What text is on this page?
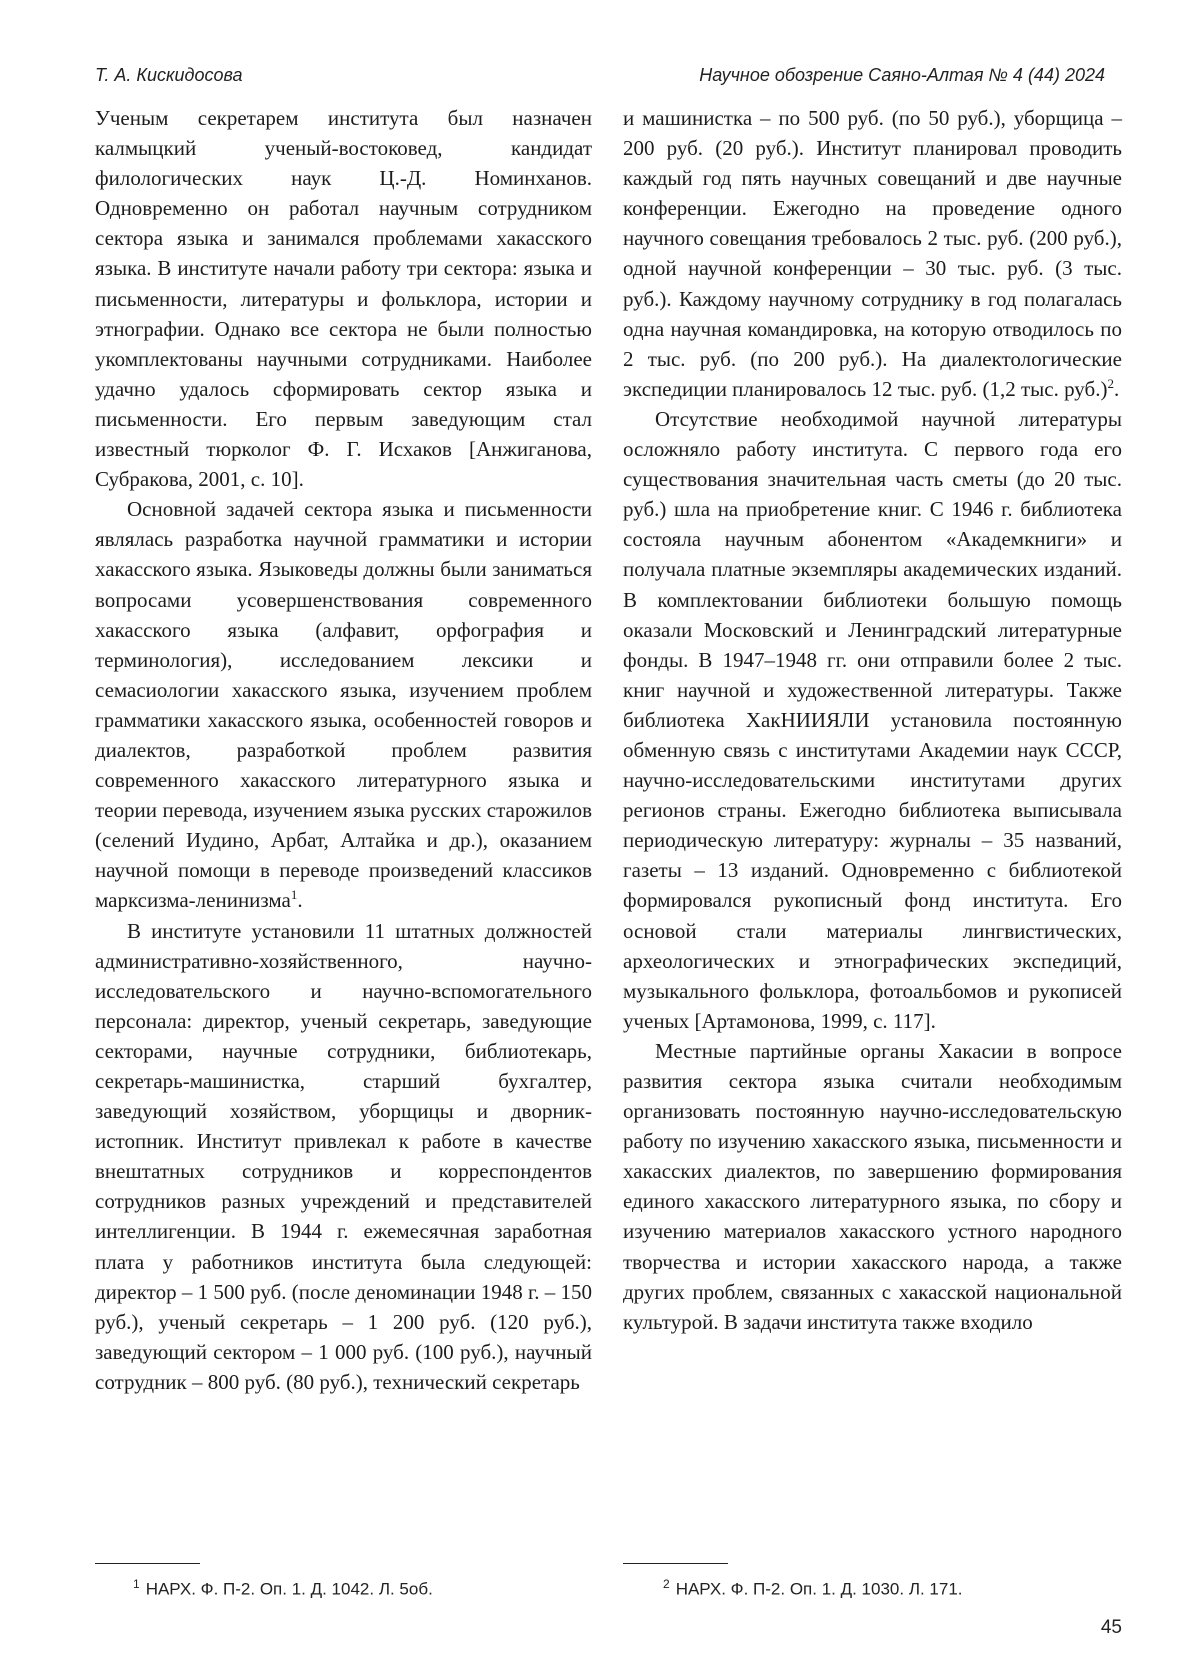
Т. А. Кискидосова	Научное обозрение Саяно-Алтая № 4 (44) 2024

Ученым секретарем института был назначен калмыцкий ученый-востоковед, кандидат филологических наук Ц.-Д. Номинханов. Одновременно он работал научным сотрудником сектора языка и занимался проблемами хакасского языка. В институте начали работу три сектора: языка и письменности, литературы и фольклора, истории и этнографии. Однако все сектора не были полностью укомплектованы научными сотрудниками. Наиболее удачно удалось сформировать сектор языка и письменности. Его первым заведующим стал известный тюрколог Ф. Г. Исхаков [Анжиганова, Субракова, 2001, с. 10].

Основной задачей сектора языка и письменности являлась разработка научной грамматики и истории хакасского языка. Языковеды должны были заниматься вопросами усовершенствования современного хакасского языка (алфавит, орфография и терминология), исследованием лексики и семасиологии хакасского языка, изучением проблем грамматики хакасского языка, особенностей говоров и диалектов, разработкой проблем развития современного хакасского литературного языка и теории перевода, изучением языка русских старожилов (селений Иудино, Арбат, Алтайка и др.), оказанием научной помощи в переводе произведений классиков марксизма-ленинизма$^1$.

В институте установили 11 штатных должностей административно-хозяйственного, научно-исследовательского и научно-вспомогательного персонала: директор, ученый секретарь, заведующие секторами, научные сотрудники, библиотекарь, секретарь-машинистка, старший бухгалтер, заведующий хозяйством, уборщицы и дворник-истопник. Институт привлекал к работе в качестве внештатных сотрудников и корреспондентов сотрудников разных учреждений и представителей интеллигенции. В 1944 г. ежемесячная заработная плата у работников института была следующей: директор – 1 500 руб. (после деноминации 1948 г. – 150 руб.), ученый секретарь – 1 200 руб. (120 руб.), заведующий сектором – 1 000 руб. (100 руб.), научный сотрудник – 800 руб. (80 руб.), технический секретарь

и машинистка – по 500 руб. (по 50 руб.), уборщица – 200 руб. (20 руб.). Институт планировал проводить каждый год пять научных совещаний и две научные конференции. Ежегодно на проведение одного научного совещания требовалось 2 тыс. руб. (200 руб.), одной научной конференции – 30 тыс. руб. (3 тыс. руб.). Каждому научному сотруднику в год полагалась одна научная командировка, на которую отводилось по 2 тыс. руб. (по 200 руб.). На диалектологические экспедиции планировалось 12 тыс. руб. (1,2 тыс. руб.)$^2$.

Отсутствие необходимой научной литературы осложняло работу института. С первого года его существования значительная часть сметы (до 20 тыс. руб.) шла на приобретение книг. С 1946 г. библиотека состояла научным абонентом «Академкниги» и получала платные экземпляры академических изданий. В комплектовании библиотеки большую помощь оказали Московский и Ленинградский литературные фонды. В 1947–1948 гг. они отправили более 2 тыс. книг научной и художественной литературы. Также библиотека ХакНИИЯЛИ установила постоянную обменную связь с институтами Академии наук СССР, научно-исследовательскими институтами других регионов страны. Ежегодно библиотека выписывала периодическую литературу: журналы – 35 названий, газеты – 13 изданий. Одновременно с библиотекой формировался рукописный фонд института. Его основой стали материалы лингвистических, археологических и этнографических экспедиций, музыкального фольклора, фотоальбомов и рукописей ученых [Артамонова, 1999, с. 117].

Местные партийные органы Хакасии в вопросе развития сектора языка считали необходимым организовать постоянную научно-исследовательскую работу по изучению хакасского языка, письменности и хакасских диалектов, по завершению формирования единого хакасского литературного языка, по сбору и изучению материалов хакасского устного народного творчества и истории хакасского народа, а также других проблем, связанных с хакасской национальной культурой. В задачи института также входило

$^1$ НАРХ. Ф. П-2. Оп. 1. Д. 1042. Л. 5об.	$^2$ НАРХ. Ф. П-2. Оп. 1. Д. 1030. Л. 171.
45
